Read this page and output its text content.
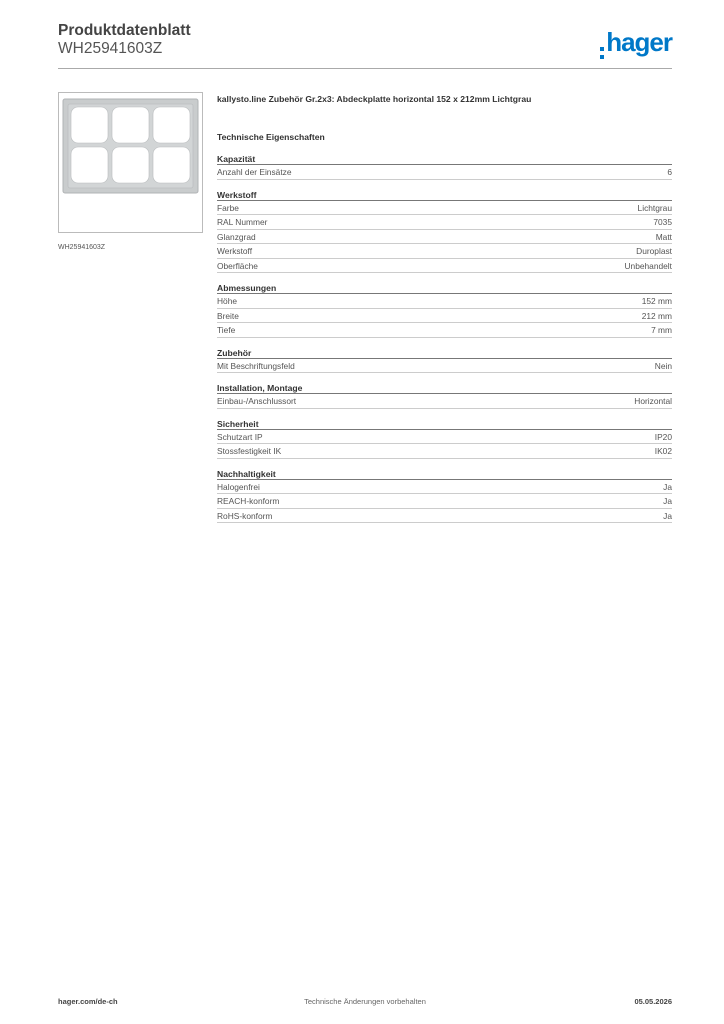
Produktdatenblatt
WH25941603Z	hager
WH25941603Z
kallysto.line Zubehör Gr.2x3: Abdeckplatte horizontal 152 x 212mm Lichtgrau
Technische Eigenschaften
Kapazität
Anzahl der Einsätze	6
Werkstoff
Farbe	Lichtgrau
RAL Nummer	7035
Glanzgrad	Matt
Werkstoff	Duroplast
Oberfläche	Unbehandelt
Abmessungen
Höhe	152 mm
Breite	212 mm
Tiefe	7 mm
Zubehör
Mit Beschriftungsfeld	Nein
Installation, Montage
Einbau-/Anschlussort	Horizontal
Sicherheit
Schutzart IP	IP20
Stossfestigkeit IK	IK02
Nachhaltigkeit
Halogenfrei	Ja
REACH-konform	Ja
RoHS-konform	Ja
hager.com/de-ch	Technische Änderungen vorbehalten	05.05.2026
